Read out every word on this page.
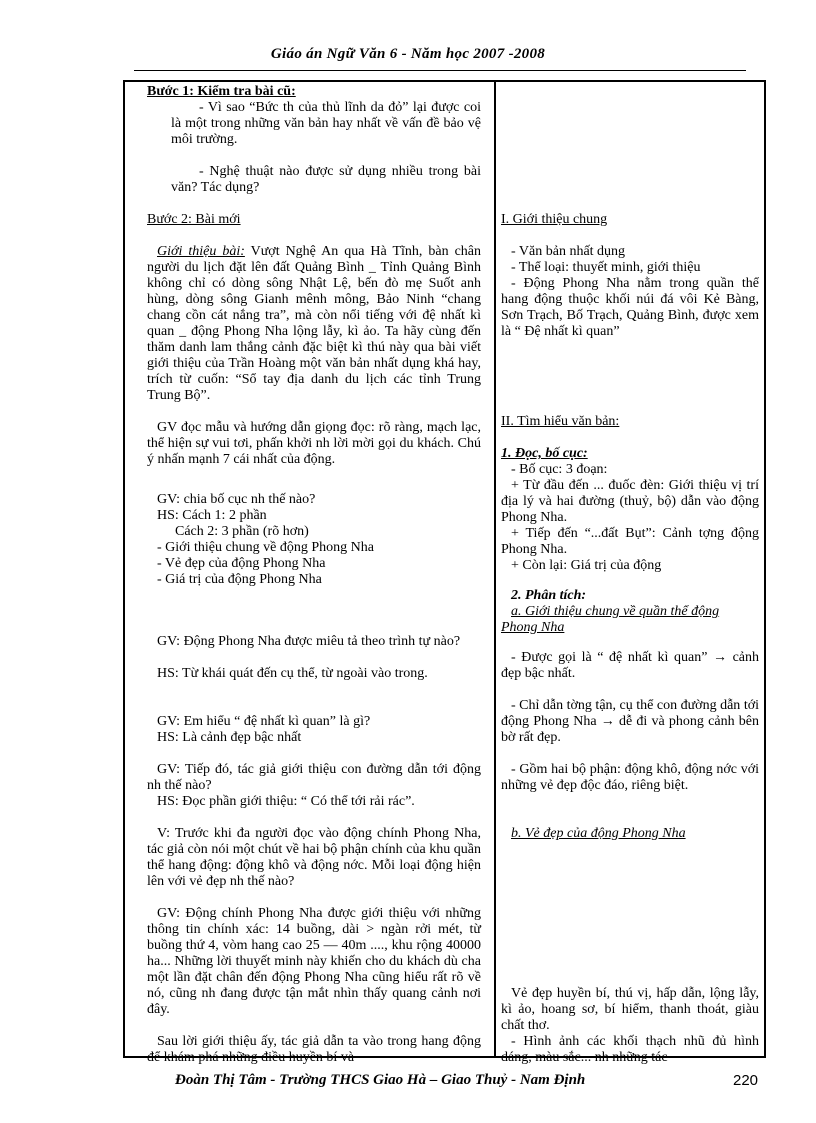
Giáo án Ngữ Văn 6 - Năm học 2007 -2008
Bước 1: Kiểm tra bài cũ:
- Vì sao “Bức th của thủ lĩnh da đỏ” lại được coi là một trong những văn bản hay nhất về vấn đề bảo vệ môi trường.
- Nghệ thuật nào được sử dụng nhiều trong bài văn? Tác dụng?
Bước 2: Bài mới
Giới thiệu bài: Vượt Nghệ An qua Hà Tĩnh, bàn chân người du lịch đặt lên đất Quảng Bình _ Tỉnh Quảng Bình không chỉ có dòng sông Nhật Lệ, bến đò mẹ Suốt anh hùng, dòng sông Gianh mênh mông, Bảo Ninh “chang chang cồn cát nắng tra”, mà còn nổi tiếng với đệ nhất kì quan _ động Phong Nha lộng lẫy, kì ảo. Ta hãy cùng đến thăm danh lam thắng cảnh đặc biệt kì thú này qua bài viết giới thiệu của Trần Hoàng một văn bản nhất dụng khá hay, trích từ cuốn: “Sổ tay địa danh du lịch các tỉnh Trung Trung Bộ”.
GV đọc mẫu và hướng dẫn giọng đọc: rõ ràng, mạch lạc, thể hiện sự vui tơi, phấn khởi nh lời mời gọi du khách. Chú ý nhấn mạnh 7 cái nhất của động.
GV: chia bố cục nh thế nào?
HS: Cách 1: 2 phần
Cách 2: 3 phần (rõ hơn)
- Giới thiệu chung về động Phong Nha
- Vẻ đẹp của động Phong Nha
- Giá trị của động Phong Nha
GV: Động Phong Nha được miêu tả theo trình tự nào?
HS: Từ khái quát đến cụ thể, từ ngoài vào trong.
GV: Em hiểu “ đệ nhất kì quan” là gì?
HS: Là cảnh đẹp bậc nhất
GV: Tiếp đó, tác giả giới thiệu con đường dẫn tới động nh thế nào?
HS: Đọc phần giới thiệu: “ Có thể tới rải rác”.
V: Trước khi đa người đọc vào động chính Phong Nha, tác giả còn nói một chút về hai bộ phận chính của khu quần thể hang động: động khô và động nớc. Mỗi loại động hiện lên với vẻ đẹp nh thế nào?
GV: Động chính Phong Nha được giới thiệu với những thông tin chính xác: 14 buồng, dài > ngàn rởi mét, từ buồng thứ 4, vòm hang cao 25 — 40m ...., khu rộng 40000 ha... Những lời thuyết minh này khiến cho du khách dù cha một lần đặt chân đến động Phong Nha cũng hiểu rất rõ về nó, cũng nh đang được tận mắt nhìn thấy quang cảnh nơi đây.
Sau lời giới thiệu ấy, tác giả dẫn ta vào trong hang động để khám phá những điều huyền bí và
I. Giới thiệu chung
- Văn bản nhất dụng
- Thể loại: thuyết minh, giới thiệu
- Động Phong Nha nằm trong quần thể hang động thuộc khối núi đá vôi Kẻ Bàng, Sơn Trạch, Bố Trạch, Quảng Bình, được xem là “ Đệ nhất kì quan”
II. Tìm hiểu văn bản:
1. Đọc, bố cục:
- Bố cục: 3 đoạn:
+ Từ đầu đến ... đuốc đèn: Giới thiệu vị trí địa lý và hai đường (thuỷ, bộ) dẫn vào động Phong Nha.
+ Tiếp đến “...đất Bụt”: Cảnh tợng động Phong Nha.
+ Còn lại: Giá trị của động
2. Phân tích:
a. Giới thiệu chung về quần thể động Phong Nha
- Được gọi là “ đệ nhất kì quan” → cảnh đẹp bậc nhất.
- Chỉ dẫn tờng tận, cụ thể con đường dẫn tới động Phong Nha → dễ đi và phong cảnh bên bờ rất đẹp.
- Gồm hai bộ phận: động khô, động nớc với những vẻ đẹp độc đáo, riêng biệt.
b. Vẻ đẹp của động Phong Nha
Vẻ đẹp huyền bí, thú vị, hấp dẫn, lộng lẫy, kì ảo, hoang sơ, bí hiểm, thanh thoát, giàu chất thơ.
- Hình ảnh các khối thạch nhũ đủ hình dáng, màu sắc... nh những tác
Đoàn Thị Tâm - Trường THCS Giao Hà – Giao Thuỷ - Nam Định	220
